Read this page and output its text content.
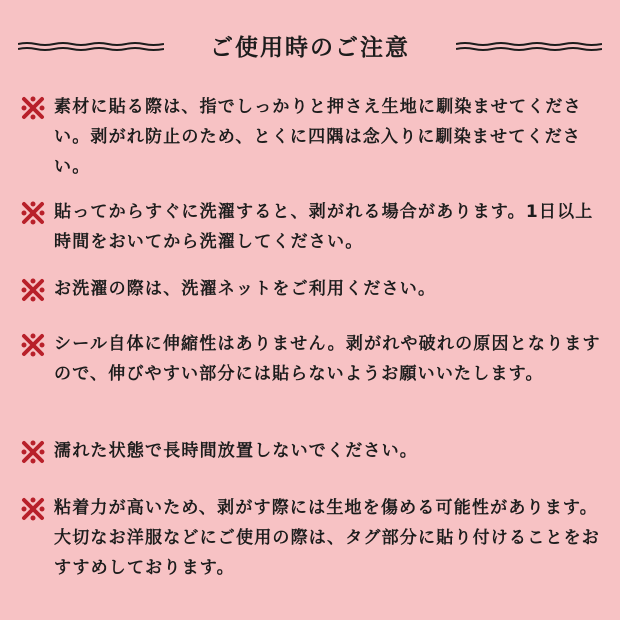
ご使用時のご注意

素材に貼る際は、指でしっかりと押さえ生地に馴染ませてください。剥がれ防止のため、とくに四隅は念入りに馴染ませてください。

貼ってからすぐに洗濯すると、剥がれる場合があります。1日以上時間をおいてから洗濯してください。

お洗濯の際は、洗濯ネットをご利用ください。

シール自体に伸縮性はありません。剥がれや破れの原因となりますので、伸びやすい部分には貼らないようお願いいたします。

濡れた状態で長時間放置しないでください。

粘着力が高いため、剥がす際には生地を傷める可能性があります。大切なお洋服などにご使用の際は、タグ部分に貼り付けることをおすすめしております。
